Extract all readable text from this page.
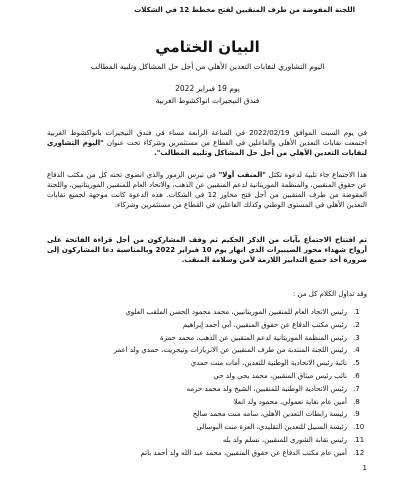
اللجنة المفوضة من طرف المنقبين لفتح مخطط 12 في الشكلات
البيان الختامي
اليوم التشاوري لنقابات التعدين الأهلي من أجل حل المشاكل وتلبيه المطالب
يوم 19 فبراير 2022
فندق النيجيرات انواكشوط الغربية
في يوم السبت الموافق 2022/02/19 في الساعة الرابعة مساء في فندق النيجيرات بانواكشوط الغربية اجتمعت نقابات التعدين الأهلي والفاعلين في القطاع من مستثمرين وشركاء تحت عنوان "اليوم التشاوري لنقابات التعدين الأهلي من أجل حل المشاكل وتلبيه المطالب".
هذا الاجتماع جاء تلبية لدعوة تكتل "المنقب أولا" في تيرس الزمور والذي انضوى تحته كل من مكتب الدفاع عن حقوق المنقبين، والمنظمة الموريتانية لدعم المنقبين عن الذهب، والاتحاد العام للمنقبين الموريتانيين، واللجنة المفوضة من طرف المنقبين من أجل فتح محاور 12 في الشكات. هذه الدعوة كانت موجهة لجميع نقابات التعدين الأهلي في المستوى الوطني وكذلك الفاعلين في القطاع من مستثمرين وشركاء.
تم افتتاح الاجتماع بآيات من الذكر الحكيم ثم وقف المشاركون من أجل قراءة الفاتحة على أرواح شهداء محور الصيبيرات الذي انهار يوم 10 فبراير 2022 وبالمناسبة دعا المشاركون إلى ضرورة أخذ جميع التدابير اللازمة لأمن وسلامة المنقب.
وقد تداول الكلام كل من :
1.رئيس الاتحاد العام للمنقبين الموريتانيين، محمد محمود الحسن الملقب العلوي
2.رئيس مكتب الدفاع عن حقوق المنقبين، أبي أحمد إبراهيم
3.رئيس المنظمة الموريتانية لدعم المنقبين عن الذهب، محمد حمزة
4.رئيس اللجنة المنتدبة من طرف المنقبين عن الانزيارات وتيجريت، حمدي ولد اعمر
5.نائبة رئيس الاتحادية الوطنية للتعدين، أمات منت حمدي
6.نائب رئيس ميثاق المنقبين، محمد يحي ولد حي
7.رئيس الاتحادية الوطنية للمنقبين، الشيخ ولد محمد حرمه
8.أمين عام نقابة نعمولي، محمود ولد انعلا
9.رئيسة رابطات التعدين الأهلي، سامه منت محمد صالح
10.رئيسة السبيل للتعدين التقليدي، العزة منت البوسالي
11.رئيس نقابة الشورى للمنقبين، نسلم ولد بله
12.أمين عام مكتب الدفاع عن حقوق المنقبين، محمد عبد الله ولد أحمد باتم
1
